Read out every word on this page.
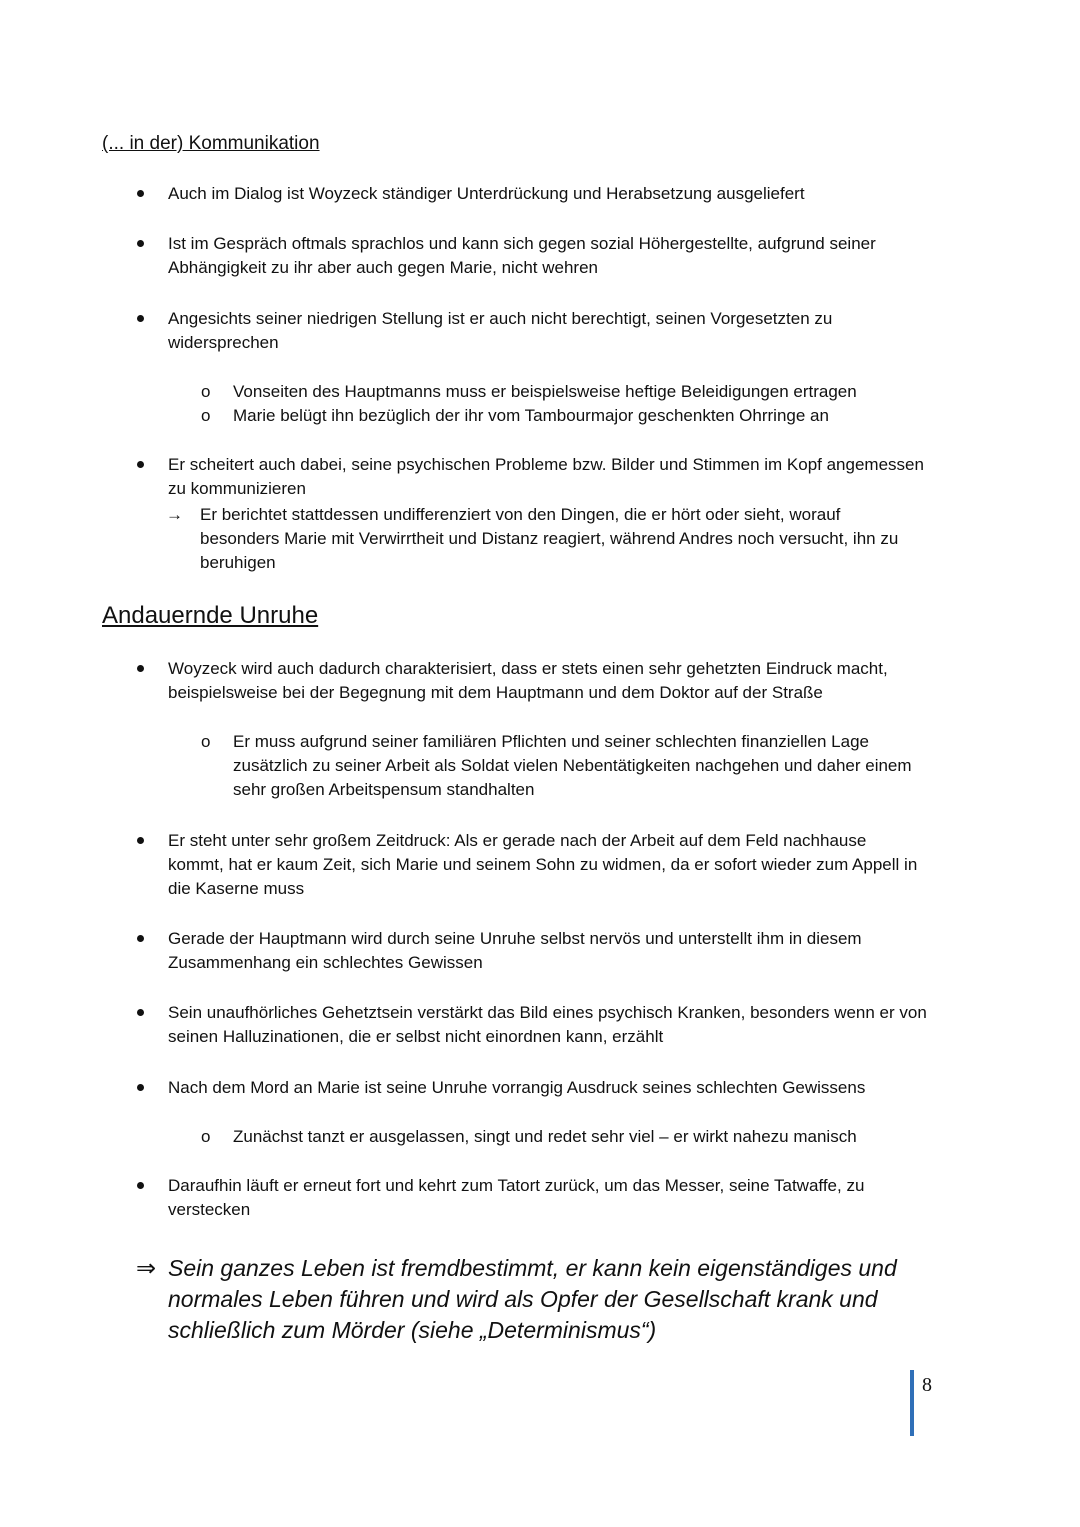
(... in der) Kommunikation
Auch im Dialog ist Woyzeck ständiger Unterdrückung und Herabsetzung ausgeliefert
Ist im Gespräch oftmals sprachlos und kann sich gegen sozial Höhergestellte, aufgrund seiner
Abhängigkeit zu ihr aber auch gegen Marie, nicht wehren
Angesichts seiner niedrigen Stellung ist er auch nicht berechtigt, seinen Vorgesetzten zu
widersprechen
o Vonseiten des Hauptmanns muss er beispielsweise heftige Beleidigungen ertragen
o Marie belügt ihn bezüglich der ihr vom Tambourmajor geschenkten Ohrringe an
Er scheitert auch dabei, seine psychischen Probleme bzw. Bilder und Stimmen im Kopf angemessen
zu kommunizieren
→ Er berichtet stattdessen undifferenziert von den Dingen, die er hört oder sieht, worauf
besonders Marie mit Verwirrtheit und Distanz reagiert, während Andres noch versucht, ihn zu
beruhigen
Andauernde Unruhe
Woyzeck wird auch dadurch charakterisiert, dass er stets einen sehr gehetzten Eindruck macht,
beispielsweise bei der Begegnung mit dem Hauptmann und dem Doktor auf der Straße
o Er muss aufgrund seiner familiären Pflichten und seiner schlechten finanziellen Lage
zusätzlich zu seiner Arbeit als Soldat vielen Nebentätigkeiten nachgehen und daher einem
sehr großen Arbeitspensum standhalten
Er steht unter sehr großem Zeitdruck: Als er gerade nach der Arbeit auf dem Feld nachhause
kommt, hat er kaum Zeit, sich Marie und seinem Sohn zu widmen, da er sofort wieder zum Appell in
die Kaserne muss
Gerade der Hauptmann wird durch seine Unruhe selbst nervös und unterstellt ihm in diesem
Zusammenhang ein schlechtes Gewissen
Sein unaufhörliches Gehetztsein verstärkt das Bild eines psychisch Kranken, besonders wenn er von
seinen Halluzinationen, die er selbst nicht einordnen kann, erzählt
Nach dem Mord an Marie ist seine Unruhe vorrangig Ausdruck seines schlechten Gewissens
o Zunächst tanzt er ausgelassen, singt und redet sehr viel – er wirkt nahezu manisch
Daraufhin läuft er erneut fort und kehrt zum Tatort zurück, um das Messer, seine Tatwaffe, zu
verstecken
⇒ Sein ganzes Leben ist fremdbestimmt, er kann kein eigenständiges und
normales Leben führen und wird als Opfer der Gesellschaft krank und
schließlich zum Mörder (siehe „Determinismus“)
8
